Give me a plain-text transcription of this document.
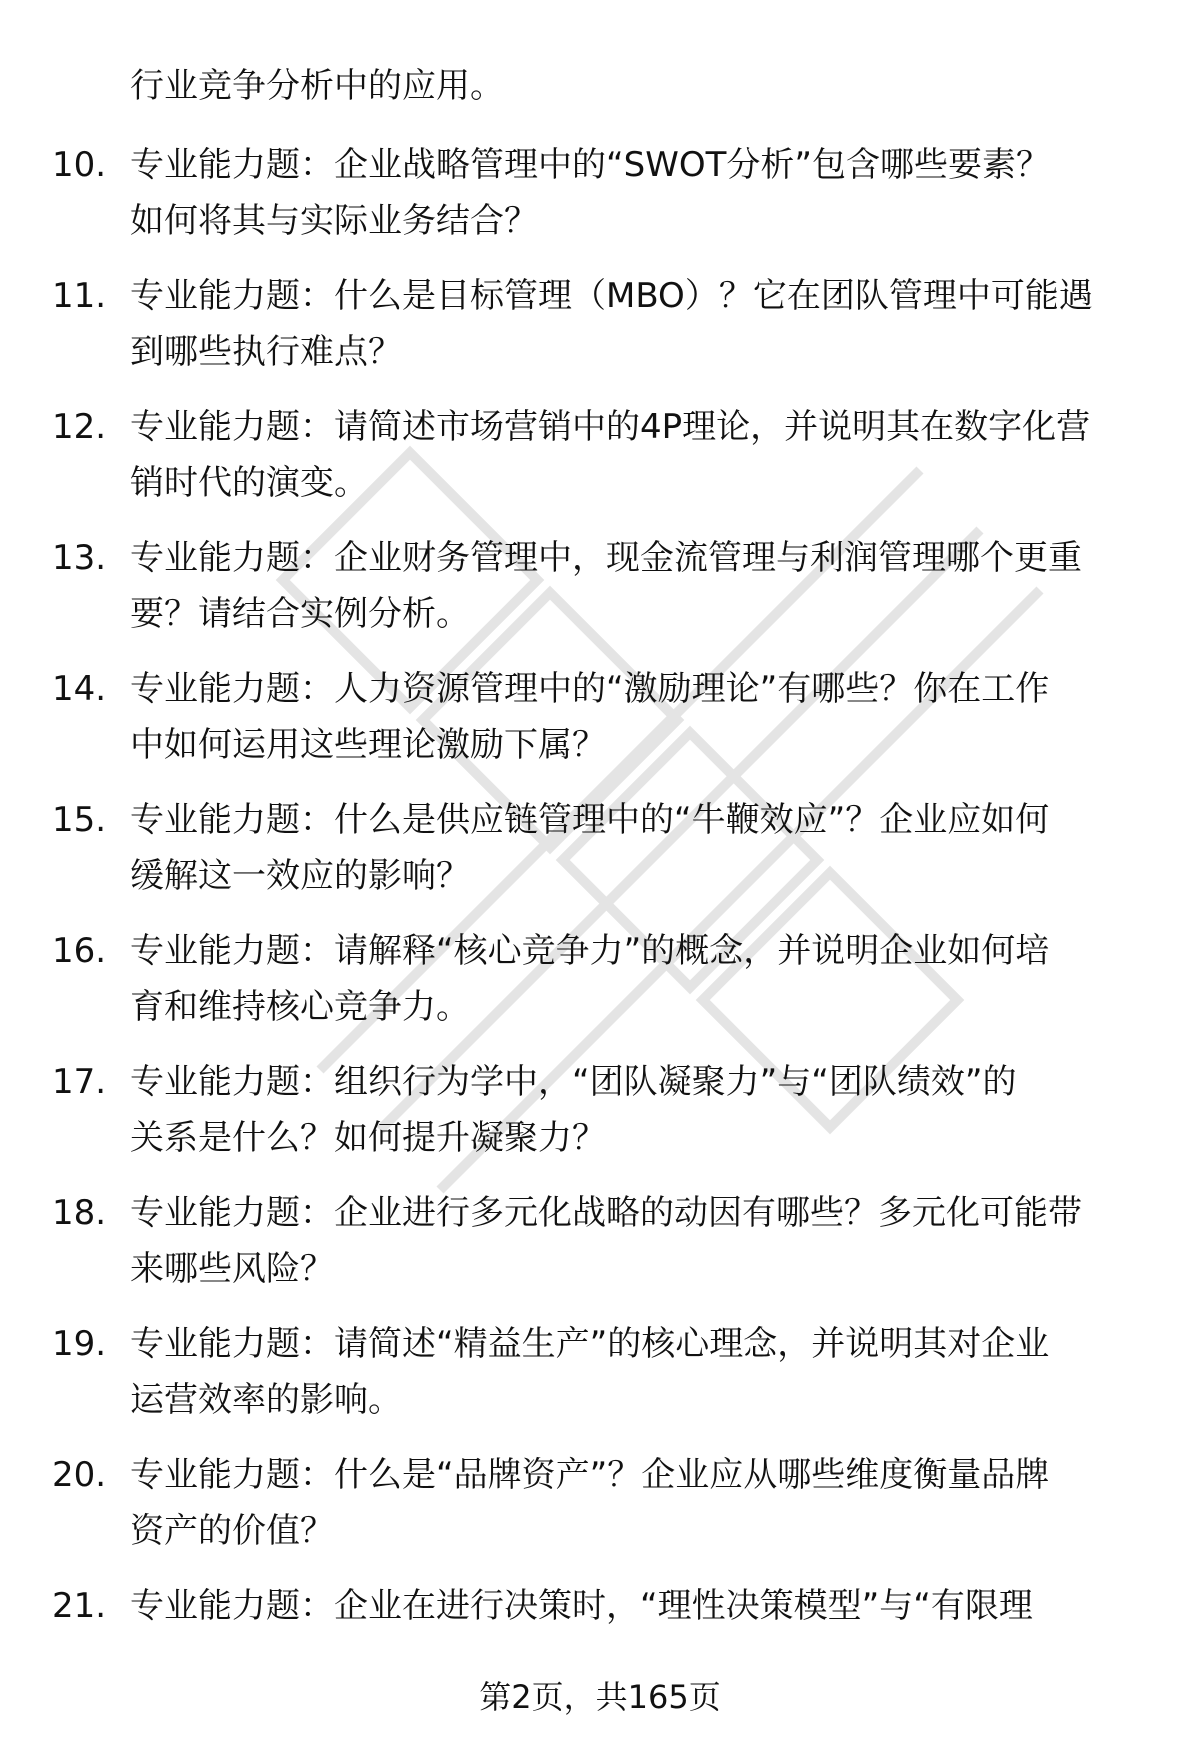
行业竞争分析中的应用。
10. 专业能力题：企业战略管理中的“SWOT分析”包含哪些要素？
如何将其与实际业务结合？
11. 专业能力题：什么是目标管理（MBO）？它在团队管理中可能遇
到哪些执行难点？
12. 专业能力题：请简述市场营销中的4P理论，并说明其在数字化营
销时代的演变。
13. 专业能力题：企业财务管理中，现金流管理与利润管理哪个更重
要？请结合实例分析。
14. 专业能力题：人力资源管理中的“激励理论”有哪些？你在工作
中如何运用这些理论激励下属？
15. 专业能力题：什么是供应链管理中的“牛鞭效应”？企业应如何
缓解这一效应的影响？
16. 专业能力题：请解释“核心竞争力”的概念，并说明企业如何培
育和维持核心竞争力。
17. 专业能力题：组织行为学中，“团队凝聚力”与“团队绩效”的
关系是什么？如何提升凝聚力？
18. 专业能力题：企业进行多元化战略的动因有哪些？多元化可能带
来哪些风险？
19. 专业能力题：请简述“精益生产”的核心理念，并说明其对企业
运营效率的影响。
20. 专业能力题：什么是“品牌资产”？企业应从哪些维度衡量品牌
资产的价值？
21. 专业能力题：企业在进行决策时，“理性决策模型”与“有限理
第2页，共165页
